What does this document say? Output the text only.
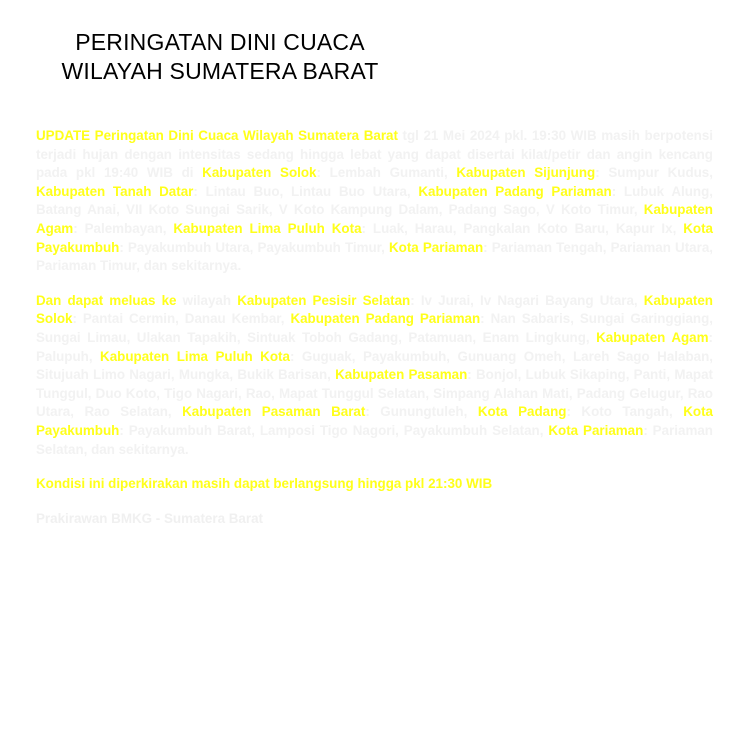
PERINGATAN DINI CUACA
WILAYAH SUMATERA BARAT

UPDATE Peringatan Dini Cuaca Wilayah Sumatera Barat tgl 21 Mei 2024 pkl. 19:30 WIB masih berpotensi terjadi hujan dengan intensitas sedang hingga lebat yang dapat disertai kilat/petir dan angin kencang pada pkl 19:40 WIB di Kabupaten Solok: Lembah Gumanti, Kabupaten Sijunjung: Sumpur Kudus, Kabupaten Tanah Datar: Lintau Buo, Lintau Buo Utara, Kabupaten Padang Pariaman: Lubuk Alung, Batang Anai, VII Koto Sungai Sarik, V Koto Kampung Dalam, Padang Sago, V Koto Timur, Kabupaten Agam: Palembayan, Kabupaten Lima Puluh Kota: Luak, Harau, Pangkalan Koto Baru, Kapur Ix, Kota Payakumbuh: Payakumbuh Utara, Payakumbuh Timur, Kota Pariaman: Pariaman Tengah, Pariaman Utara, Pariaman Timur, dan sekitarnya.

Dan dapat meluas ke wilayah Kabupaten Pesisir Selatan: Iv Jurai, Iv Nagari Bayang Utara, Kabupaten Solok: Pantai Cermin, Danau Kembar, Kabupaten Padang Pariaman: Nan Sabaris, Sungai Garinggiang, Sungai Limau, Ulakan Tapakih, Sintuak Toboh Gadang, Patamuan, Enam Lingkung, Kabupaten Agam: Palupuh, Kabupaten Lima Puluh Kota: Guguak, Payakumbuh, Gunuang Omeh, Lareh Sago Halaban, Situjuah Limo Nagari, Mungka, Bukik Barisan, Kabupaten Pasaman: Bonjol, Lubuk Sikaping, Panti, Mapat Tunggul, Duo Koto, Tigo Nagari, Rao, Mapat Tunggul Selatan, Simpang Alahan Mati, Padang Gelugur, Rao Utara, Rao Selatan, Kabupaten Pasaman Barat: Gunungtuleh, Kota Padang: Koto Tangah, Kota Payakumbuh: Payakumbuh Barat, Lamposi Tigo Nagori, Payakumbuh Selatan, Kota Pariaman: Pariaman Selatan, dan sekitarnya.

Kondisi ini diperkirakan masih dapat berlangsung hingga pkl 21:30 WIB

Prakirawan BMKG - Sumatera Barat
